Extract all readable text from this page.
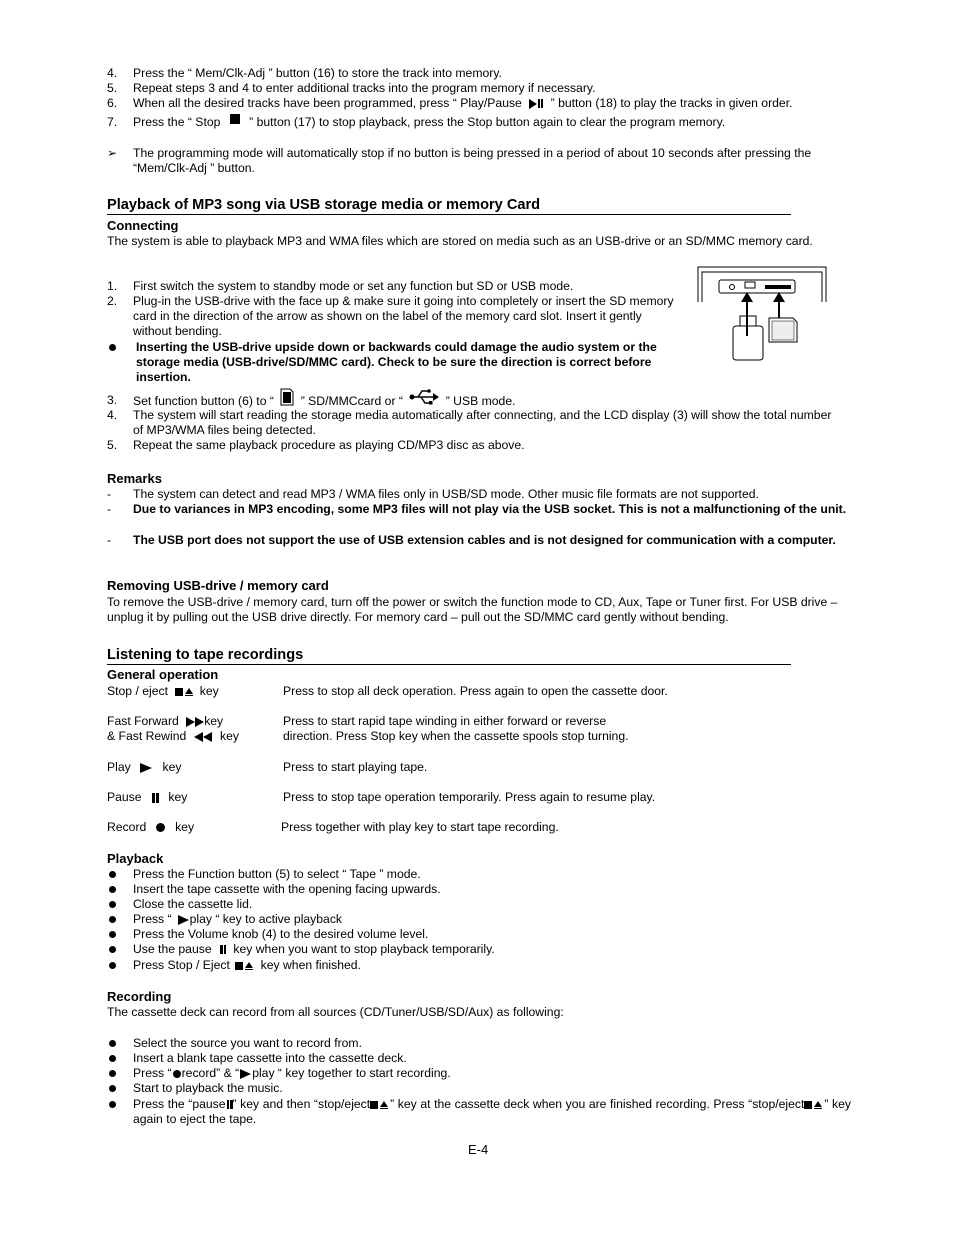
4. Press the “ Mem/Clk-Adj ” button (16) to store the track into memory.
5. Repeat steps 3 and 4 to enter additional tracks into the program memory if necessary.
6. When all the desired tracks have been programmed, press “ Play/Pause ” button (18) to play the tracks in given order.
7. Press the “ Stop ” button (17) to stop playback, press the Stop button again to clear the program memory.
➢ The programming mode will automatically stop if no button is being pressed in a period of about 10 seconds after pressing the “Mem/Clk-Adj ” button.
Playback of MP3 song via USB storage media or memory Card
Connecting
The system is able to playback MP3 and WMA files which are stored on media such as an USB-drive or an SD/MMC memory card.
1. First switch the system to standby mode or set any function but SD or USB mode.
2. Plug-in the USB-drive with the face up & make sure it going into completely or insert the SD memory card in the direction of the arrow as shown on the label of the memory card slot. Insert it gently without bending.
Inserting the USB-drive upside down or backwards could damage the audio system or the storage media (USB-drive/SD/MMC card). Check to be sure the direction is correct before insertion.
3. Set function button (6) to “ ” SD/MMCcard or “	” USB mode.
4. The system will start reading the storage media automatically after connecting, and the LCD display (3) will show the total number of MP3/WMA files being detected.
5. Repeat the same playback procedure as playing CD/MP3 disc as above.
Remarks
- The system can detect and read MP3 / WMA files only in USB/SD mode. Other music file formats are not supported.
- Due to variances in MP3 encoding, some MP3 files will not play via the USB socket. This is not a malfunctioning of the unit.
- The USB port does not support the use of USB extension cables and is not designed for communication with a computer.
Removing USB-drive / memory card
To remove the USB-drive / memory card, turn off the power or switch the function mode to CD, Aux, Tape or Tuner first. For USB drive – unplug it by pulling out the USB drive directly. For memory card – pull out the SD/MMC card gently without bending.
Listening to tape recordings
General operation
Stop / eject	key	Press to stop all deck operation. Press again to open the cassette door.
Fast Forward key	Press to start rapid tape winding in either forward or reverse
& Fast Rewind	key	direction. Press Stop key when the cassette spools stop turning.
Play	key	Press to start playing tape.
Pause key	Press to stop tape operation temporarily. Press again to resume play.
Record key	Press together with play key to start tape recording.
Playback
Press the Function button (5) to select “ Tape ” mode.
Insert the tape cassette with the opening facing upwards.
Close the cassette lid.
Press “ play “ key to active playback
Press the Volume knob (4) to the desired volume level.
Use the pause key when you want to stop playback temporarily.
Press Stop / Eject	key when finished.
Recording
The cassette deck can record from all sources (CD/Tuner/USB/SD/Aux) as following:
Select the source you want to record from.
Insert a blank tape cassette into the cassette deck.
Press “ record” & “ play “ key together to start recording.
Start to playback the music.
Press the “pause ” key and then “stop/eject ” key at the cassette deck when you are finished recording. Press “stop/eject ” key again to eject the tape.
E-4
